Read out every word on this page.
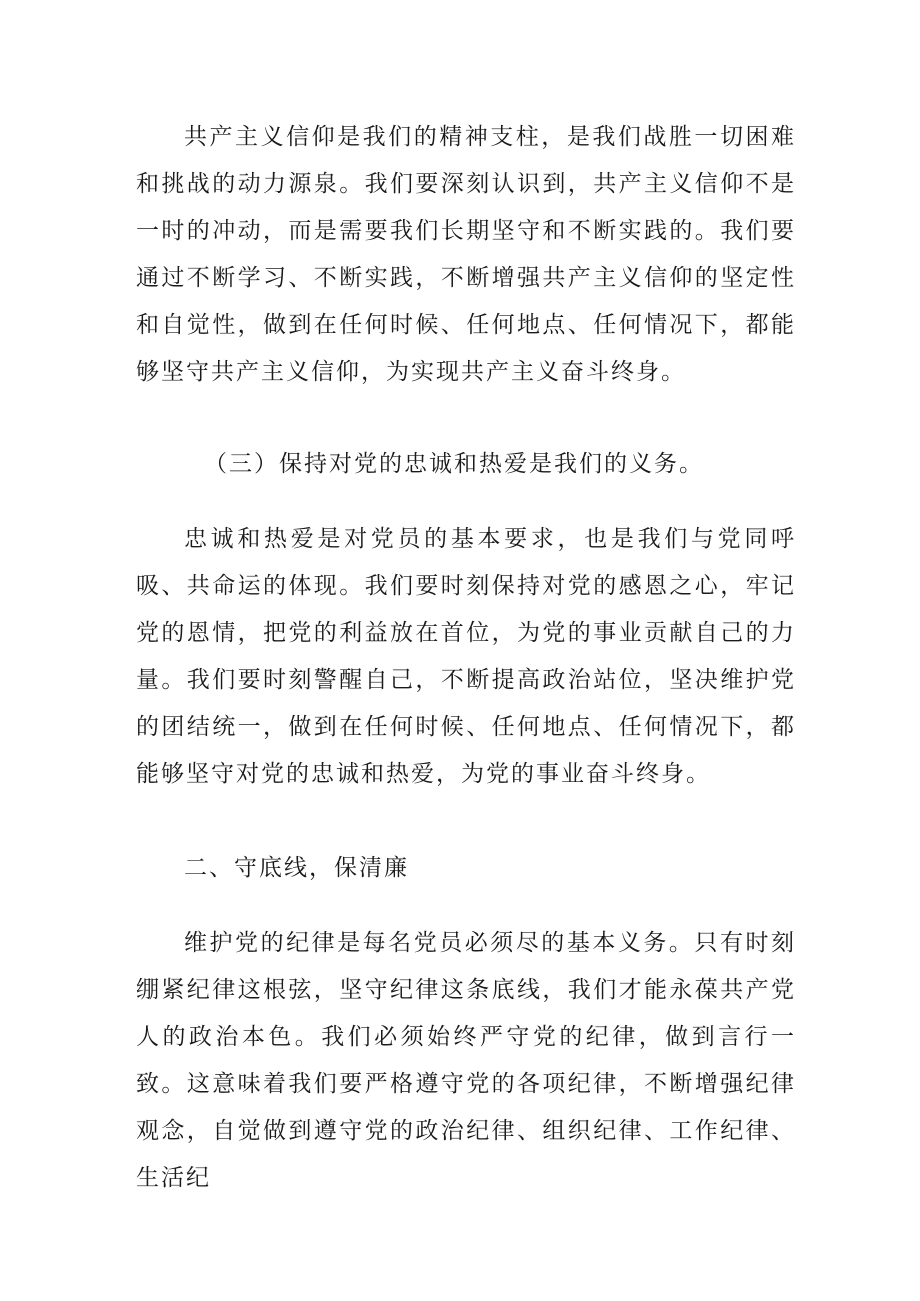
共产主义信仰是我们的精神支柱，是我们战胜一切困难和挑战的动力源泉。我们要深刻认识到，共产主义信仰不是一时的冲动，而是需要我们长期坚守和不断实践的。我们要通过不断学习、不断实践，不断增强共产主义信仰的坚定性和自觉性，做到在任何时候、任何地点、任何情况下，都能够坚守共产主义信仰，为实现共产主义奋斗终身。

（三）保持对党的忠诚和热爱是我们的义务。

忠诚和热爱是对党员的基本要求，也是我们与党同呼吸、共命运的体现。我们要时刻保持对党的感恩之心，牢记党的恩情，把党的利益放在首位，为党的事业贡献自己的力量。我们要时刻警醒自己，不断提高政治站位，坚决维护党的团结统一，做到在任何时候、任何地点、任何情况下，都能够坚守对党的忠诚和热爱，为党的事业奋斗终身。

二、守底线，保清廉

维护党的纪律是每名党员必须尽的基本义务。只有时刻绷紧纪律这根弦，坚守纪律这条底线，我们才能永葆共产党人的政治本色。我们必须始终严守党的纪律，做到言行一致。这意味着我们要严格遵守党的各项纪律，不断增强纪律观念，自觉做到遵守党的政治纪律、组织纪律、工作纪律、生活纪
